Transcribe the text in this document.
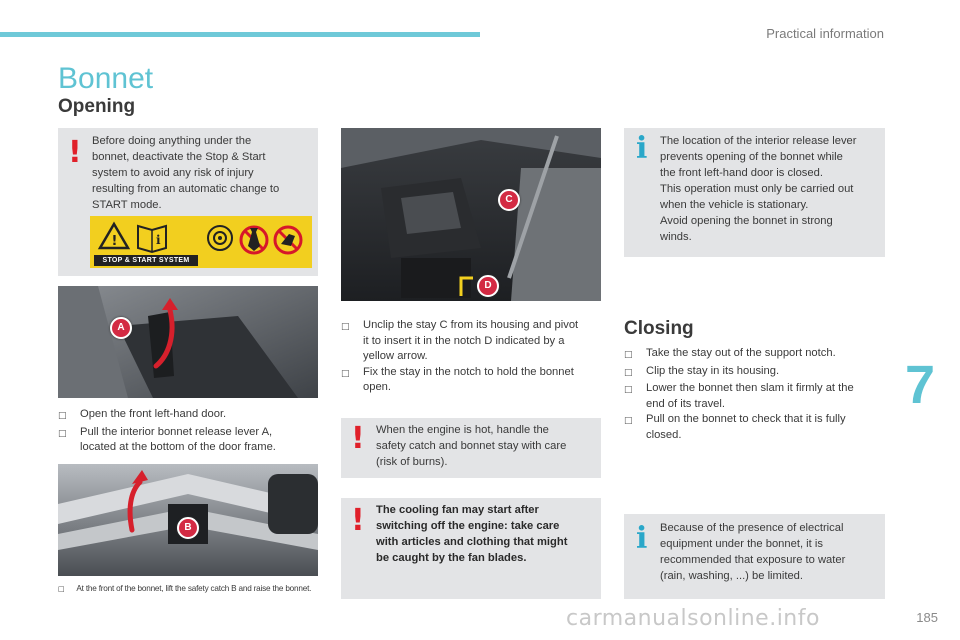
Practical information
Bonnet
Opening
! Before doing anything under the
bonnet, deactivate the Stop & Start
system to avoid any risk of injury
resulting from an automatic change to
START mode.
!	i
STOP & START SYSTEM
A
□	Open the front left-hand door.
□	Pull the interior bonnet release lever A,
located at the bottom of the door frame.
B
□ At the front of the bonnet, lift the safety catch B and raise the bonnet.
C
D
□	Unclip the stay C from its housing and pivot
it to insert it in the notch D indicated by a
yellow arrow.
□	Fix the stay in the notch to hold the bonnet
open.
! When the engine is hot, handle the
safety catch and bonnet stay with care
(risk of burns).
! The cooling fan may start after
switching off the engine: take care
with articles and clothing that might
be caught by the fan blades.
i The location of the interior release lever
prevents opening of the bonnet while
the front left-hand door is closed.
This operation must only be carried out
when the vehicle is stationary.
Avoid opening the bonnet in strong
winds.
Closing
□	Take the stay out of the support notch.
□	Clip the stay in its housing.
□	Lower the bonnet then slam it firmly at the
end of its travel.
□	Pull on the bonnet to check that it is fully
closed.
i Because of the presence of electrical
equipment under the bonnet, it is
recommended that exposure to water
(rain, washing, ...) be limited.
7
carmanualsonline.info	185
